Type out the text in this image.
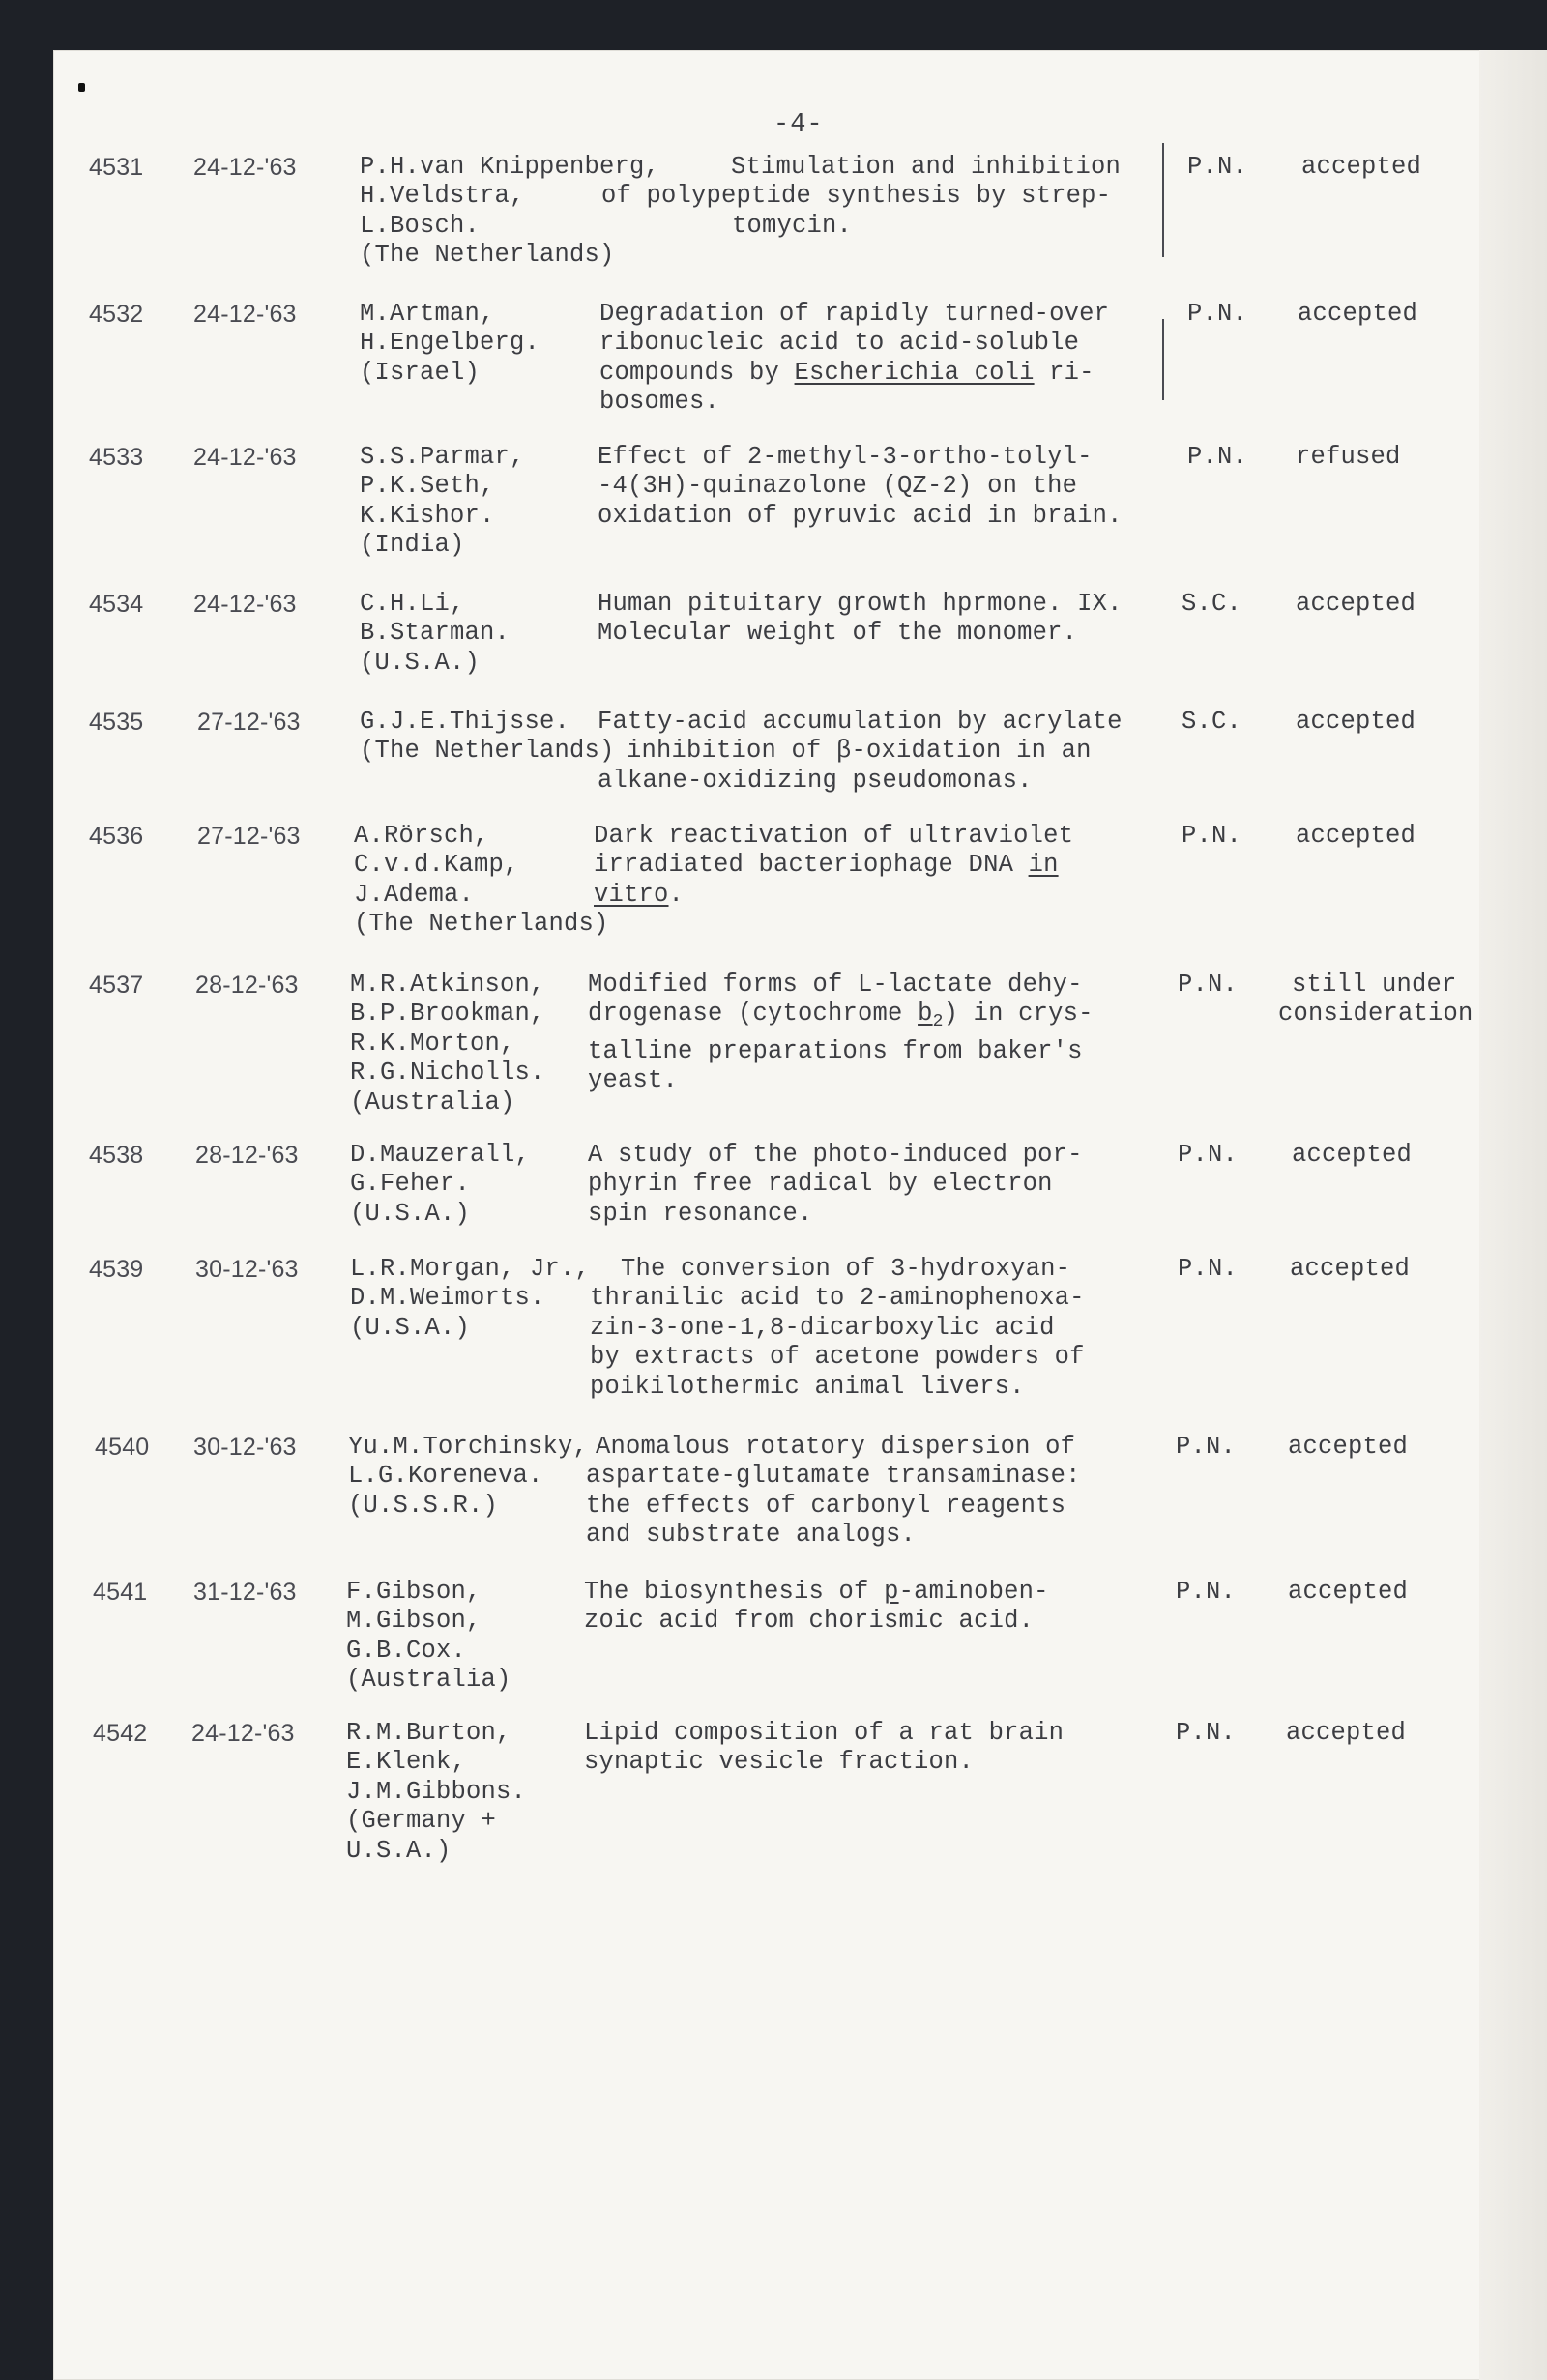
-4-
4531 24-12-'63	P.H.van Knippenberg,
H.Veldstra,
L.Bosch.
(The Netherlands)
Stimulation and inhibition
of polypeptide synthesis by strep-
tomycin.
P.N. accepted
4532 24-12-'63	M.Artman,
H.Engelberg.
(Israel)
Degradation of rapidly turned-over
ribonucleic acid to acid-soluble
compounds by Escherichia coli ri-
bosomes.
P.N. accepted
4533 24-12-'63	S.S.Parmar,
P.K.Seth,
K.Kishor.
(India)
Effect of 2-methyl-3-ortho-tolyl-
-4(3H)-quinazolone (QZ-2) on the
oxidation of pyruvic acid in brain.
P.N. refused
4534 24-12-'63	C.H.Li,
B.Starman.
(U.S.A.)
Human pituitary growth hprmone. IX.
Molecular weight of the monomer.
S.C. accepted
4535 27-12-'63 G.J.E.Thijsse.
(The Netherlands)
Fatty-acid accumulation by acrylate
inhibition of β-oxidation in an
alkane-oxidizing pseudomonas.
S.C. accepted
4536 27-12-'63 A.Rörsch,
C.v.d.Kamp,
J.Adema.
(The Netherlands)
Dark reactivation of ultraviolet
irradiated bacteriophage DNA in
vitro.
P.N. accepted
4537 28-12-'63 M.R.Atkinson,
B.P.Brookman,
R.K.Morton,
R.G.Nicholls.
(Australia)
Modified forms of L-lactate dehy-
drogenase (cytochrome $b_2$) in crys-
talline preparations from baker's
yeast.
P.N.	still under
consideration
4538 28-12-'63 D.Mauzerall,
G.Feher.
(U.S.A.)
A study of the photo-induced por-
phyrin free radical by electron
spin resonance.
P.N. accepted
4539 30-12-'63 L.R.Morgan, Jr.,
D.M.Weimorts.
(U.S.A.)
The conversion of 3-hydroxyan-
thranilic acid to 2-aminophenoxa-
zin-3-one-1,8-dicarboxylic acid
by extracts of acetone powders of
poikilothermic animal livers.
P.N. accepted
4540 30-12-'63 Yu.M.Torchinsky,
L.G.Koreneva.
(U.S.S.R.)
Anomalous rotatory dispersion of
aspartate-glutamate transaminase:
the effects of carbonyl reagents
and substrate analogs.
P.N. accepted
4541 31-12-'63 F.Gibson,
M.Gibson,
G.B.Cox.
(Australia)
The biosynthesis of p-aminoben-
zoic acid from chorismic acid.
P.N. accepted
4542 24-12-'63 R.M.Burton,
E.Klenk,
J.M.Gibbons.
(Germany +
U.S.A.)
Lipid composition of a rat brain
synaptic vesicle fraction.
P.N. accepted
